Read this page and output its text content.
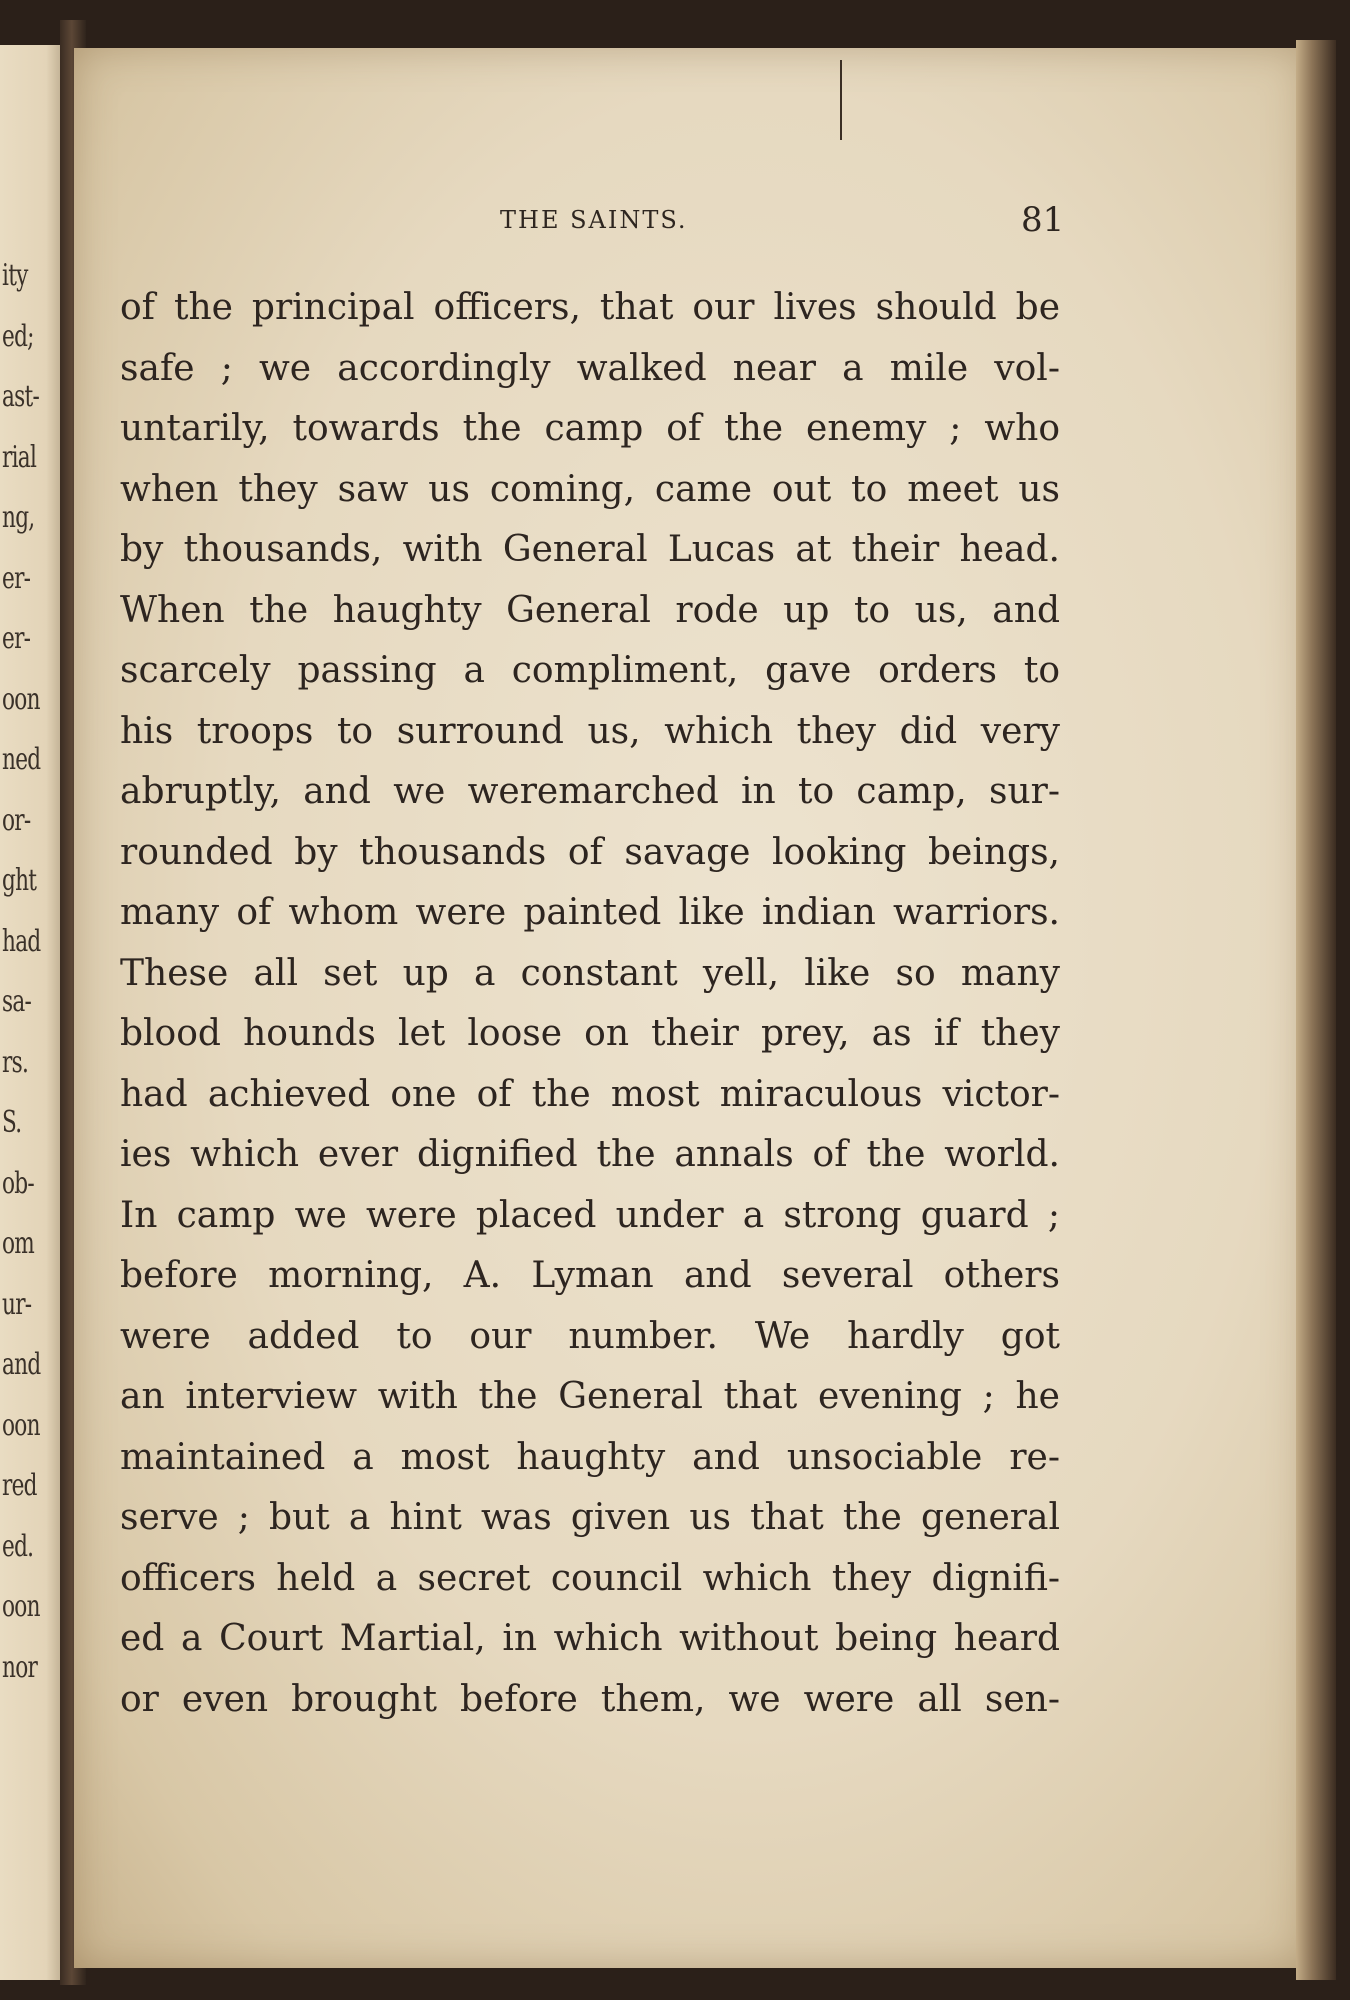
ity
ed;
ast-
rial
ng,
er-
er-
oon
ned
or-
ght
had
sa-
rs.
S.
ob-
om
ur-
and
oon
red
ed.
oon
nor
THE SAINTS.	81
of the principal officers, that our lives should be
safe ; we accordingly walked near a mile vol-
untarily, towards the camp of the enemy ; who
when they saw us coming, came out to meet us
by thousands, with General Lucas at their head.
When the haughty General rode up to us, and
scarcely passing a compliment, gave orders to
his troops to surround us, which they did very
abruptly, and we weremarched in to camp, sur-
rounded by thousands of savage looking beings,
many of whom were painted like indian warriors.
These all set up a constant yell, like so many
blood hounds let loose on their prey, as if they
had achieved one of the most miraculous victor-
ies which ever dignified the annals of the world.
In camp we were placed under a strong guard ;
before morning, A. Lyman and several others
were added to our number. We hardly got
an interview with the General that evening ; he
maintained a most haughty and unsociable re-
serve ; but a hint was given us that the general
officers held a secret council which they dignifi-
ed a Court Martial, in which without being heard
or even brought before them, we were all sen-
